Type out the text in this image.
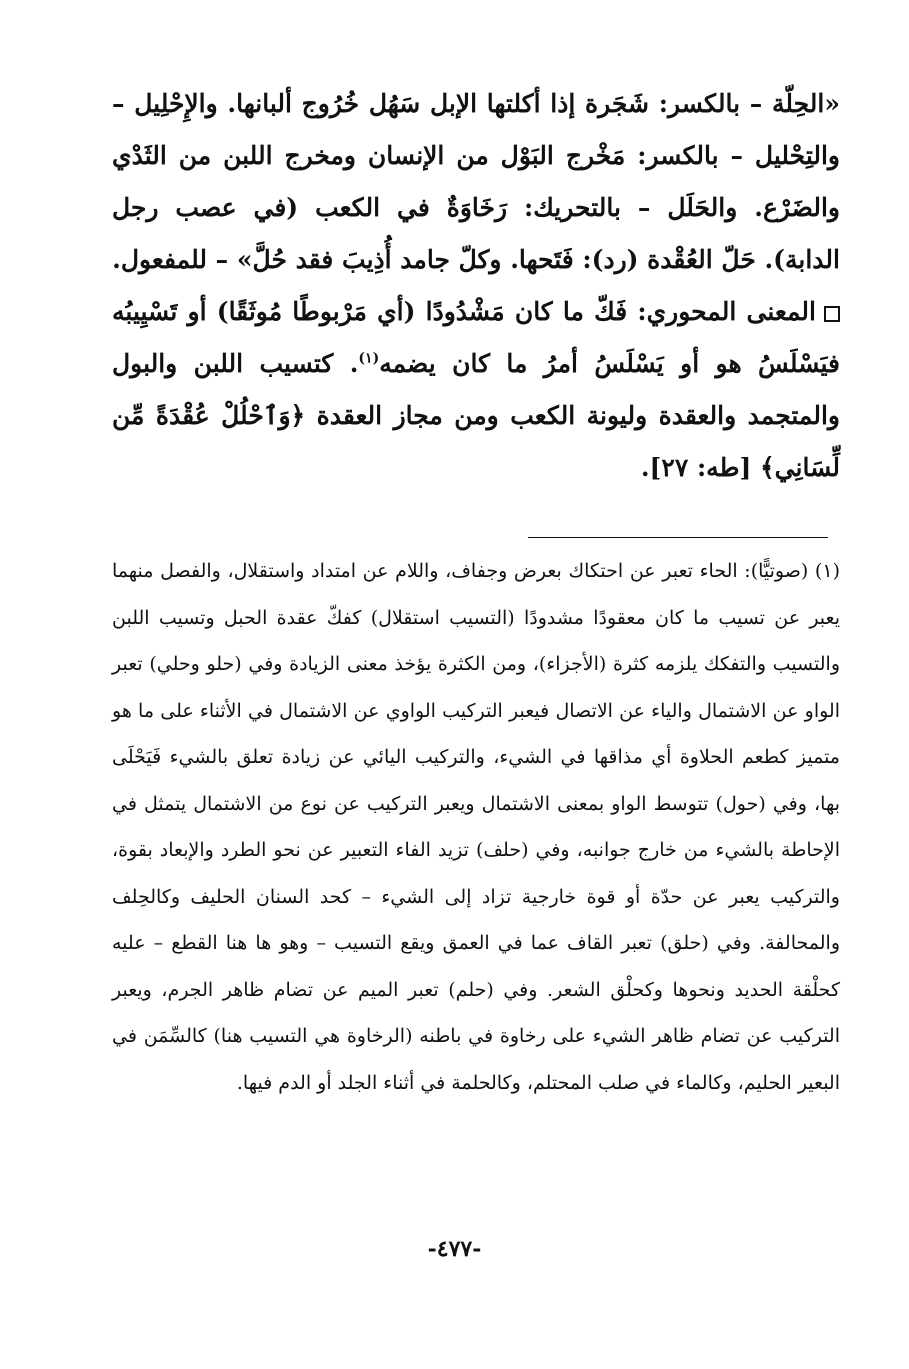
«الحِلّة – بالكسر: شَجَرة إذا أكلتها الإبل سَهُل خُرُوج ألبانها. والإِحْلِيل – والتِحْليل – بالكسر: مَخْرج البَوْل من الإنسان ومخرج اللبن من الثَدْي والضَرْع. والحَلَل – بالتحريك: رَخَاوَةٌ في الكعب (في عصب رجل الدابة). حَلّ العُقْدة (رد): فَتَحها. وكلّ جامد أُذِيبَ فقد حُلَّ» – للمفعول.

المعنى المحوري: فَكّ ما كان مَشْدُودًا (أي مَرْبوطًا مُوثَقًا) أو تَسْيِيبُه فيَسْلَسُ هو أو يَسْلَسُ أمرُ ما كان يضمه$^{(١)}$. كتسيب اللبن والبول والمتجمد والعقدة وليونة الكعب ومن مجاز العقدة ﴿وَٱحْلُلْ عُقْدَةً مِّن لِّسَانِي﴾ [طه: ٢٧].

(١) (صوتيًّا): الحاء تعبر عن احتكاك بعرض وجفاف، واللام عن امتداد واستقلال، والفصل منهما يعبر عن تسيب ما كان معقودًا مشدودًا (التسيب استقلال) كفكّ عقدة الحبل وتسيب اللبن والتسيب والتفكك يلزمه كثرة (الأجزاء)، ومن الكثرة يؤخذ معنى الزيادة وفي (حلو وحلي) تعبر الواو عن الاشتمال والياء عن الاتصال فيعبر التركيب الواوي عن الاشتمال في الأثناء على ما هو متميز كطعم الحلاوة أي مذاقها في الشيء، والتركيب اليائي عن زيادة تعلق بالشيء فَيَحْلَى بها، وفي (حول) تتوسط الواو بمعنى الاشتمال ويعبر التركيب عن نوع من الاشتمال يتمثل في الإحاطة بالشيء من خارج جوانبه، وفي (حلف) تزيد الفاء التعبير عن نحو الطرد والإبعاد بقوة، والتركيب يعبر عن حدّة أو قوة خارجية تزاد إلى الشيء – كحد السنان الحليف وكالحِلف والمحالفة. وفي (حلق) تعبر القاف عما في العمق ويقع التسيب – وهو ها هنا القطع – عليه كحلْقة الحديد ونحوها وكحلْق الشعر. وفي (حلم) تعبر الميم عن تضام ظاهر الجرم، ويعبر التركيب عن تضام ظاهر الشيء على رخاوة في باطنه (الرخاوة هي التسيب هنا) كالسِّمَن في البعير الحليم، وكالماء في صلب المحتلم، وكالحلمة في أثناء الجلد أو الدم فيها.

-٤٧٧-
